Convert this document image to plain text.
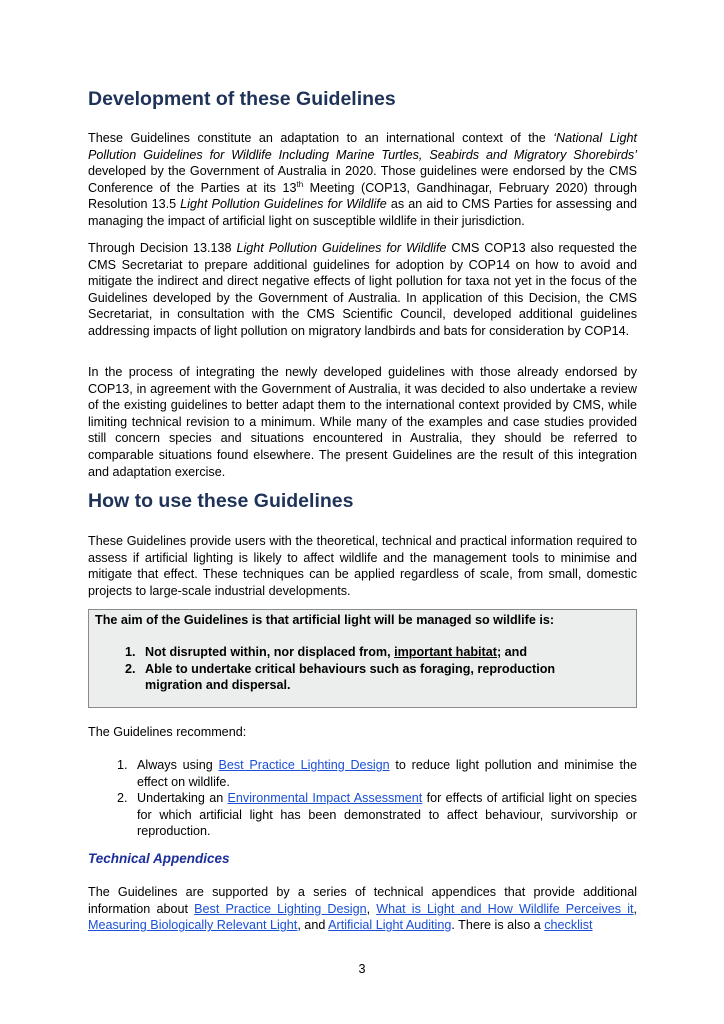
Development of these Guidelines

These Guidelines constitute an adaptation to an international context of the ‘National Light Pollution Guidelines for Wildlife Including Marine Turtles, Seabirds and Migratory Shorebirds’ developed by the Government of Australia in 2020. Those guidelines were endorsed by the CMS Conference of the Parties at its 13th Meeting (COP13, Gandhinagar, February 2020) through Resolution 13.5 Light Pollution Guidelines for Wildlife as an aid to CMS Parties for assessing and managing the impact of artificial light on susceptible wildlife in their jurisdiction.

Through Decision 13.138 Light Pollution Guidelines for Wildlife CMS COP13 also requested the CMS Secretariat to prepare additional guidelines for adoption by COP14 on how to avoid and mitigate the indirect and direct negative effects of light pollution for taxa not yet in the focus of the Guidelines developed by the Government of Australia. In application of this Decision, the CMS Secretariat, in consultation with the CMS Scientific Council, developed additional guidelines addressing impacts of light pollution on migratory landbirds and bats for consideration by COP14.

In the process of integrating the newly developed guidelines with those already endorsed by COP13, in agreement with the Government of Australia, it was decided to also undertake a review of the existing guidelines to better adapt them to the international context provided by CMS, while limiting technical revision to a minimum. While many of the examples and case studies provided still concern species and situations encountered in Australia, they should be referred to comparable situations found elsewhere. The present Guidelines are the result of this integration and adaptation exercise.

How to use these Guidelines

These Guidelines provide users with the theoretical, technical and practical information required to assess if artificial lighting is likely to affect wildlife and the management tools to minimise and mitigate that effect. These techniques can be applied regardless of scale, from small, domestic projects to large-scale industrial developments.

The aim of the Guidelines is that artificial light will be managed so wildlife is:
1. Not disrupted within, nor displaced from, important habitat; and
2. Able to undertake critical behaviours such as foraging, reproduction migration and dispersal.

The Guidelines recommend:

1. Always using Best Practice Lighting Design to reduce light pollution and minimise the effect on wildlife.
2. Undertaking an Environmental Impact Assessment for effects of artificial light on species for which artificial light has been demonstrated to affect behaviour, survivorship or reproduction.
Technical Appendices

The Guidelines are supported by a series of technical appendices that provide additional information about Best Practice Lighting Design, What is Light and How Wildlife Perceives it, Measuring Biologically Relevant Light, and Artificial Light Auditing. There is also a checklist

3
